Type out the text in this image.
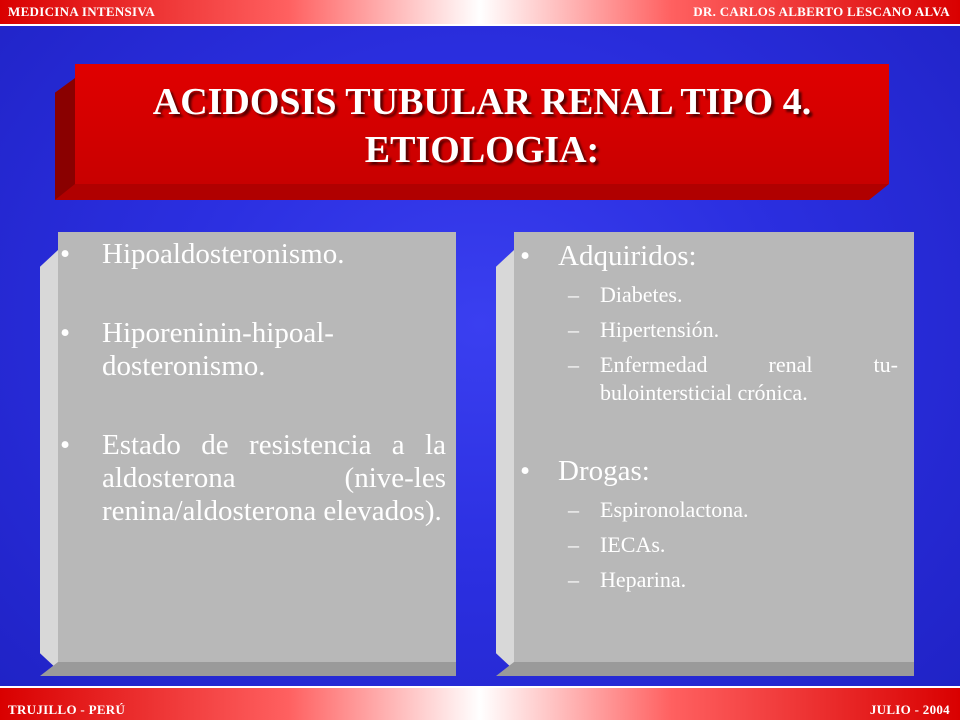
MEDICINA INTENSIVA	DR. CARLOS ALBERTO LESCANO ALVA
ACIDOSIS TUBULAR RENAL TIPO 4.
ETIOLOGIA:
• Hipoaldosteronismo.
• Hiporeninin-hipoal-dosteronismo.
• Estado de resistencia a la aldosterona (nive-les renina/aldosterona elevados).
• Adquiridos:
– Diabetes.
– Hipertensión.
– Enfermedad renal tu-bulointersticial crónica.
• Drogas:
– Espironolactona.
– IECAs.
– Heparina.
TRUJILLO - PERÚ	JULIO - 2004
